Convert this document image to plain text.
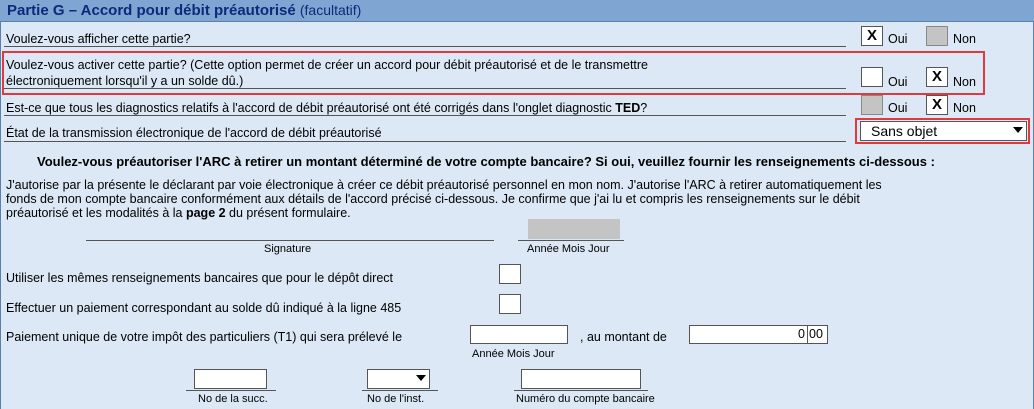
Partie G – Accord pour débit préautorisé (facultatif)
Voulez-vous afficher cette partie?	X Oui	Non
Voulez-vous activer cette partie? (Cette option permet de créer un accord pour débit préautorisé et de le transmettre
électroniquement lorsqu'il y a un solde dû.)	Oui	X Non
Est-ce que tous les diagnostics relatifs à l'accord de débit préautorisé ont été corrigés dans l'onglet diagnostic TED?	Oui	X Non
État de la transmission électronique de l'accord de débit préautorisé	Sans objet
Voulez-vous préautoriser l'ARC à retirer un montant déterminé de votre compte bancaire? Si oui, veuillez fournir les renseignements ci-dessous :
J'autorise par la présente le déclarant par voie électronique à créer ce débit préautorisé personnel en mon nom. J'autorise l'ARC à retirer automatiquement les
fonds de mon compte bancaire conformément aux détails de l'accord précisé ci-dessous. Je confirme que j'ai lu et compris les renseignements sur le débit
préautorisé et les modalités à la page 2 du présent formulaire.
Signature	Année Mois Jour
Utiliser les mêmes renseignements bancaires que pour le dépôt direct
Effectuer un paiement correspondant au solde dû indiqué à la ligne 485
Paiement unique de votre impôt des particuliers (T1) qui sera prélevé le
Année Mois Jour
, au montant de	0 00
No de la succ.	No de l'inst.	Numéro du compte bancaire
